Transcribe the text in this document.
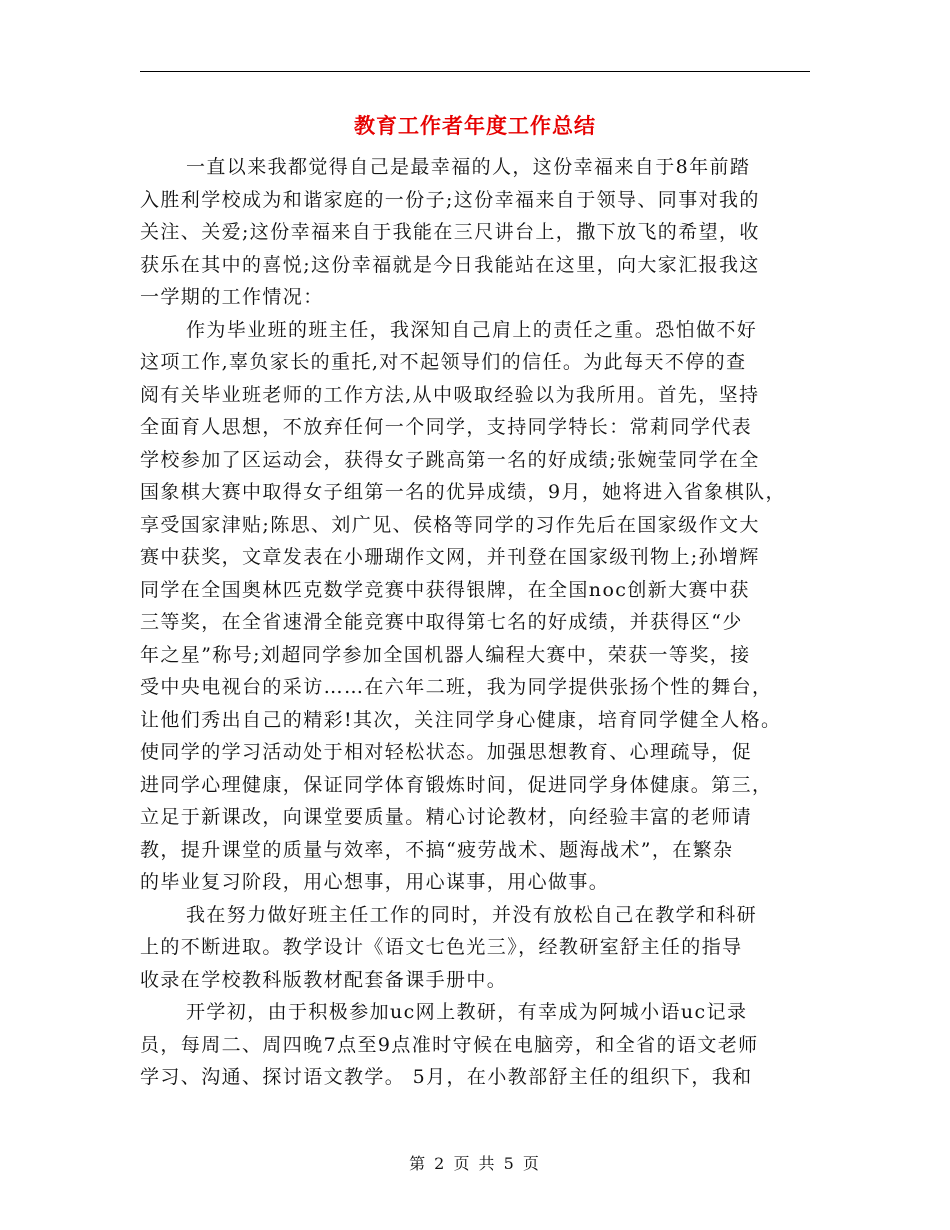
教育工作者年度工作总结
一直以来我都觉得自己是最幸福的人，这份幸福来自于8年前踏
入胜利学校成为和谐家庭的一份子;这份幸福来自于领导、同事对我的
关注、关爱;这份幸福来自于我能在三尺讲台上，撒下放飞的希望，收
获乐在其中的喜悦;这份幸福就是今日我能站在这里，向大家汇报我这
一学期的工作情况：
作为毕业班的班主任，我深知自己肩上的责任之重。恐怕做不好
这项工作,辜负家长的重托,对不起领导们的信任。为此每天不停的查
阅有关毕业班老师的工作方法,从中吸取经验以为我所用。首先，坚持
全面育人思想，不放弃任何一个同学，支持同学特长：常莉同学代表
学校参加了区运动会，获得女子跳高第一名的好成绩;张婉莹同学在全
国象棋大赛中取得女子组第一名的优异成绩，9月，她将进入省象棋队，
享受国家津贴;陈思、刘广见、侯格等同学的习作先后在国家级作文大
赛中获奖，文章发表在小珊瑚作文网，并刊登在国家级刊物上;孙增辉
同学在全国奥林匹克数学竞赛中获得银牌，在全国noc创新大赛中获
三等奖，在全省速滑全能竞赛中取得第七名的好成绩，并获得区“少
年之星”称号;刘超同学参加全国机器人编程大赛中，荣获一等奖，接
受中央电视台的采访……在六年二班，我为同学提供张扬个性的舞台，
让他们秀出自己的精彩!其次，关注同学身心健康，培育同学健全人格。
使同学的学习活动处于相对轻松状态。加强思想教育、心理疏导，促
进同学心理健康，保证同学体育锻炼时间，促进同学身体健康。第三，
立足于新课改，向课堂要质量。精心讨论教材，向经验丰富的老师请
教，提升课堂的质量与效率，不搞“疲劳战术、题海战术”，在繁杂
的毕业复习阶段，用心想事，用心谋事，用心做事。
我在努力做好班主任工作的同时，并没有放松自己在教学和科研
上的不断进取。教学设计《语文七色光三》，经教研室舒主任的指导
收录在学校教科版教材配套备课手册中。
开学初，由于积极参加uc网上教研，有幸成为阿城小语uc记录
员，每周二、周四晚7点至9点准时守候在电脑旁，和全省的语文老师
学习、沟通、探讨语文教学。 5月，在小教部舒主任的组织下，我和
第 2 页 共 5 页
